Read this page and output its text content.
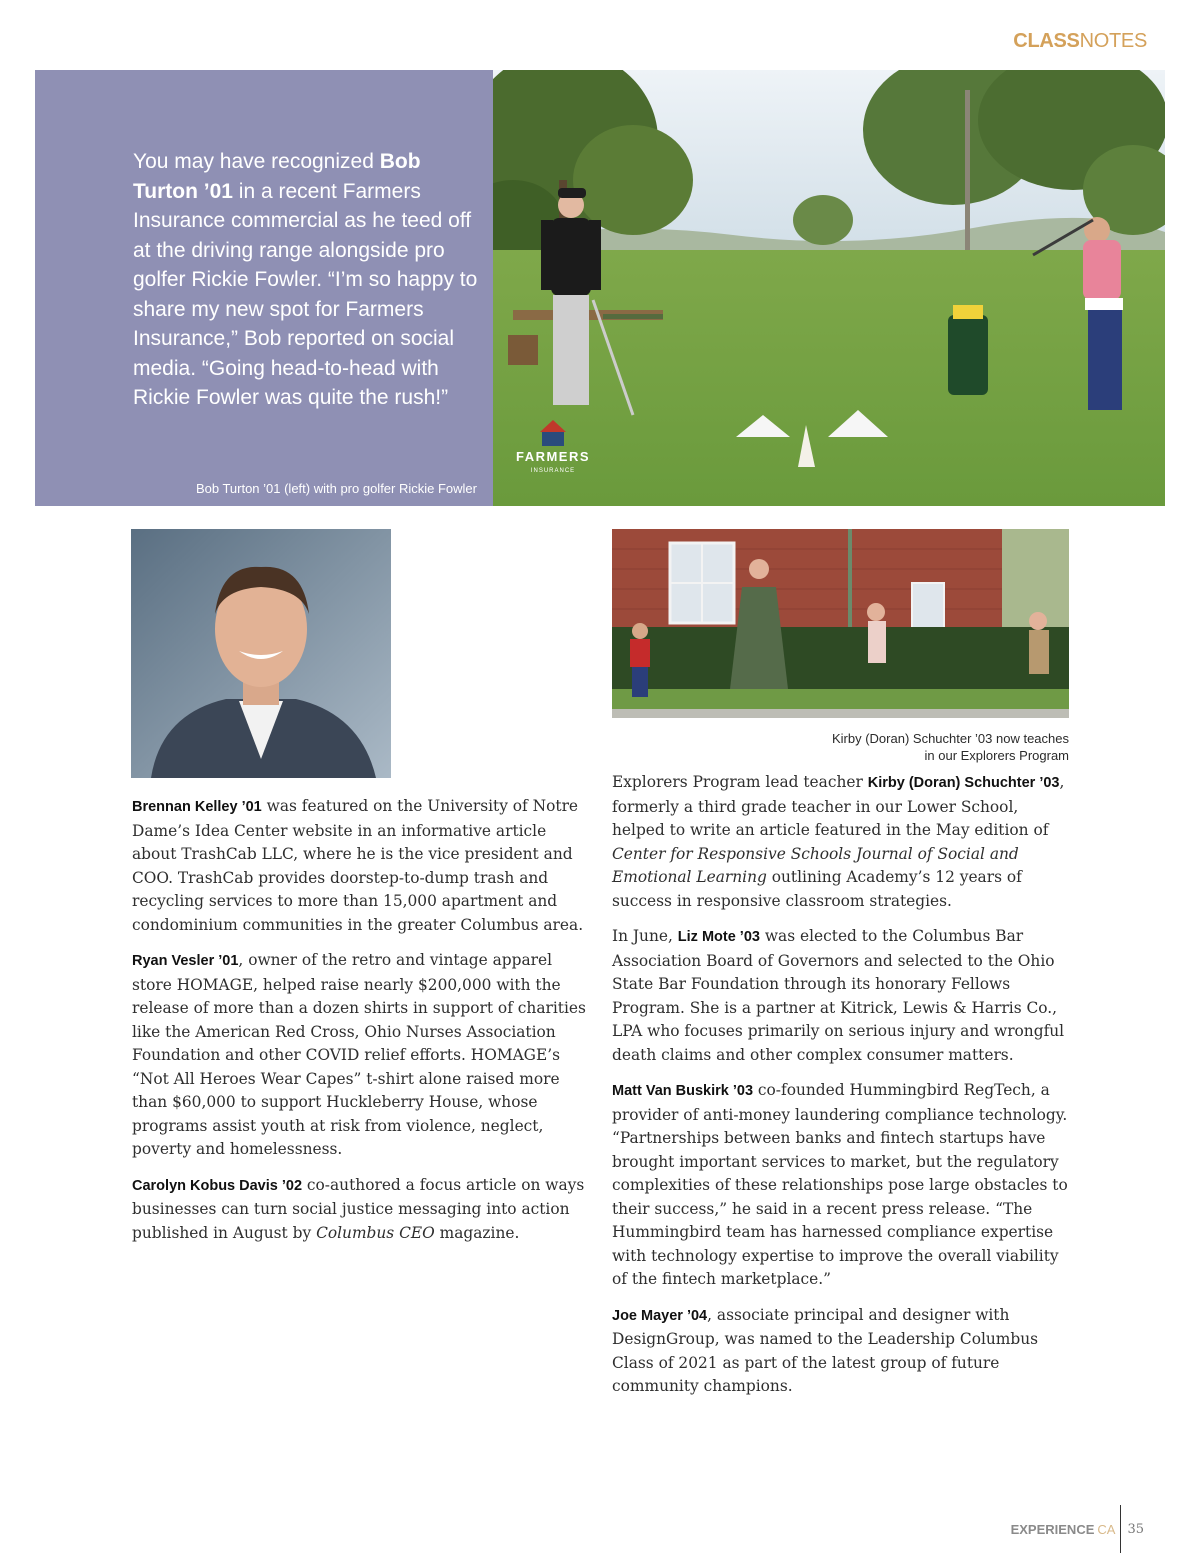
CLASSNOTES
You may have recognized Bob Turton ’01 in a recent Farmers Insurance commercial as he teed off at the driving range alongside pro golfer Rickie Fowler. “I’m so happy to share my new spot for Farmers Insurance,” Bob reported on social media. “Going head-to-head with Rickie Fowler was quite the rush!”
Bob Turton ’01 (left) with pro golfer Rickie Fowler
FARMERS
INSURANCE
Kirby (Doran) Schuchter ’03 now teaches
in our Explorers Program

Brennan Kelley ’01 was featured on the University of Notre Dame’s Idea Center website in an informative article about TrashCab LLC, where he is the vice president and COO. TrashCab provides doorstep-to-dump trash and recycling services to more than 15,000 apartment and condominium communities in the greater Columbus area.

Ryan Vesler ’01, owner of the retro and vintage apparel store HOMAGE, helped raise nearly $200,000 with the release of more than a dozen shirts in support of charities like the American Red Cross, Ohio Nurses Association Foundation and other COVID relief efforts. HOMAGE’s “Not All Heroes Wear Capes” t-shirt alone raised more than $60,000 to support Huckleberry House, whose programs assist youth at risk from violence, neglect, poverty and homelessness.

Carolyn Kobus Davis ’02 co-authored a focus article on ways businesses can turn social justice messaging into action published in August by Columbus CEO magazine.

Explorers Program lead teacher Kirby (Doran) Schuchter ’03, formerly a third grade teacher in our Lower School, helped to write an article featured in the May edition of Center for Responsive Schools Journal of Social and Emotional Learning outlining Academy’s 12 years of success in responsive classroom strategies.

In June, Liz Mote ’03 was elected to the Columbus Bar Association Board of Governors and selected to the Ohio State Bar Foundation through its honorary Fellows Program. She is a partner at Kitrick, Lewis & Harris Co., LPA who focuses primarily on serious injury and wrongful death claims and other complex consumer matters.

Matt Van Buskirk ’03 co-founded Hummingbird RegTech, a provider of anti-money laundering compliance technology. “Partnerships between banks and fintech startups have brought important services to market, but the regulatory complexities of these relationships pose large obstacles to their success,” he said in a recent press release. “The Hummingbird team has harnessed compliance expertise with technology expertise to improve the overall viability of the fintech marketplace.”

Joe Mayer ’04, associate principal and designer with DesignGroup, was named to the Leadership Columbus Class of 2021 as part of the latest group of future community champions.

EXPERIENCE CA 35
